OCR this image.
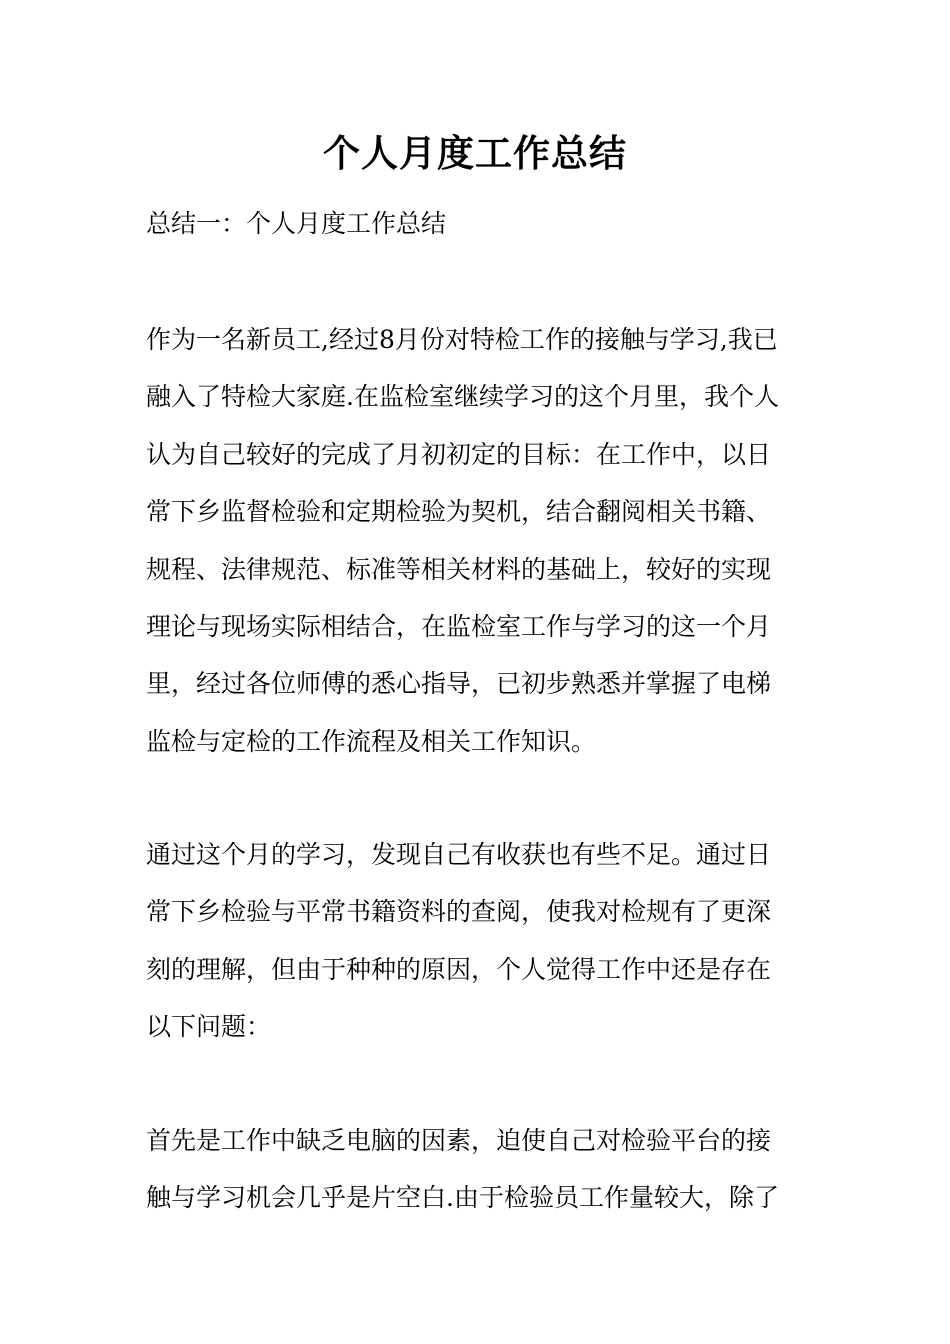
个人月度工作总结
总结一：个人月度工作总结
作为一名新员工,经过8月份对特检工作的接触与学习,我已
融入了特检大家庭.在监检室继续学习的这个月里，我个人
认为自己较好的完成了月初初定的目标：在工作中，以日
常下乡监督检验和定期检验为契机，结合翻阅相关书籍、
规程、法律规范、标准等相关材料的基础上，较好的实现
理论与现场实际相结合，在监检室工作与学习的这一个月
里，经过各位师傅的悉心指导，已初步熟悉并掌握了电梯
监检与定检的工作流程及相关工作知识。
通过这个月的学习，发现自己有收获也有些不足。通过日
常下乡检验与平常书籍资料的查阅，使我对检规有了更深
刻的理解，但由于种种的原因，个人觉得工作中还是存在
以下问题：
首先是工作中缺乏电脑的因素，迫使自己对检验平台的接
触与学习机会几乎是片空白.由于检验员工作量较大，除了
